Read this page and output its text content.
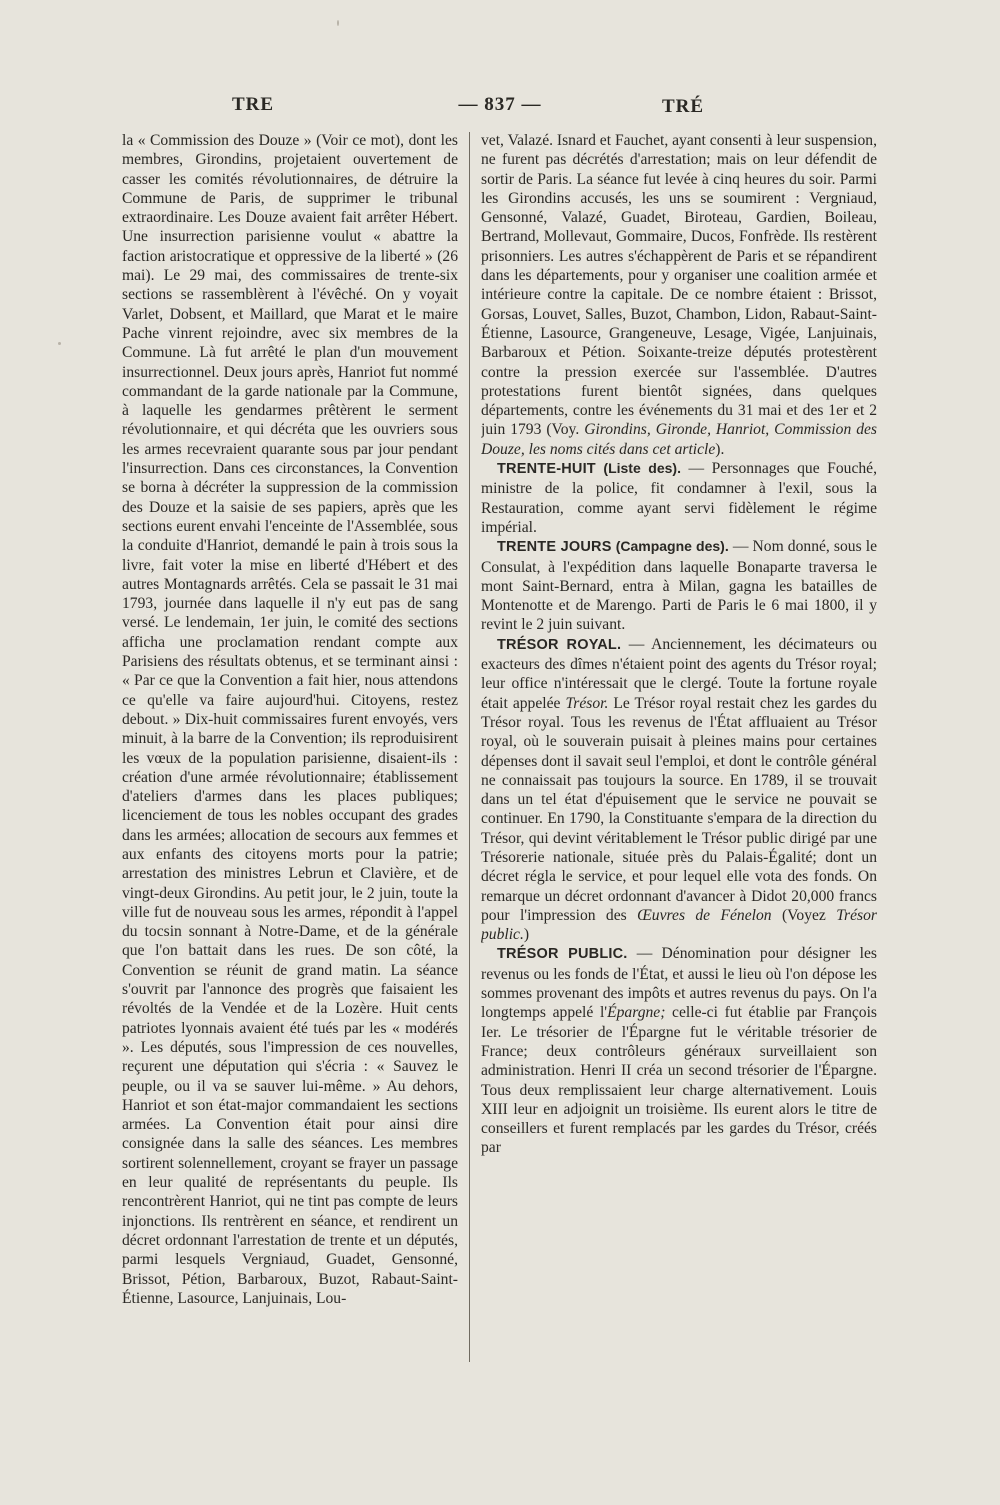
TRE	— 837 —	TRÉ

la « Commission des Douze » (Voir ce mot), dont les membres, Girondins, projetaient ouvertement de casser les comités révolutionnaires, de détruire la Commune de Paris, de supprimer le tribunal extraordinaire. Les Douze avaient fait arrêter Hébert. Une insurrection parisienne voulut « abattre la faction aristocratique et oppressive de la liberté » (26 mai). Le 29 mai, des commissaires de trente-six sections se rassemblèrent à l'évêché. On y voyait Varlet, Dobsent, et Maillard, que Marat et le maire Pache vinrent rejoindre, avec six membres de la Commune. Là fut arrêté le plan d'un mouvement insurrectionnel. Deux jours après, Hanriot fut nommé commandant de la garde nationale par la Commune, à laquelle les gendarmes prêtèrent le serment révolutionnaire, et qui décréta que les ouvriers sous les armes recevraient quarante sous par jour pendant l'insurrection. Dans ces circonstances, la Convention se borna à décréter la suppression de la commission des Douze et la saisie de ses papiers, après que les sections eurent envahi l'enceinte de l'Assemblée, sous la conduite d'Hanriot, demandé le pain à trois sous la livre, fait voter la mise en liberté d'Hébert et des autres Montagnards arrêtés. Cela se passait le 31 mai 1793, journée dans laquelle il n'y eut pas de sang versé. Le lendemain, 1er juin, le comité des sections afficha une proclamation rendant compte aux Parisiens des résultats obtenus, et se terminant ainsi : « Par ce que la Convention a fait hier, nous attendons ce qu'elle va faire aujourd'hui. Citoyens, restez debout. » Dix-huit commissaires furent envoyés, vers minuit, à la barre de la Convention; ils reproduisirent les vœux de la population parisienne, disaient-ils : création d'une armée révolutionnaire; établissement d'ateliers d'armes dans les places publiques; licenciement de tous les nobles occupant des grades dans les armées; allocation de secours aux femmes et aux enfants des citoyens morts pour la patrie; arrestation des ministres Lebrun et Clavière, et de vingt-deux Girondins. Au petit jour, le 2 juin, toute la ville fut de nouveau sous les armes, répondit à l'appel du tocsin sonnant à Notre-Dame, et de la générale que l'on battait dans les rues. De son côté, la Convention se réunit de grand matin. La séance s'ouvrit par l'annonce des progrès que faisaient les révoltés de la Vendée et de la Lozère. Huit cents patriotes lyonnais avaient été tués par les « modérés ». Les députés, sous l'impression de ces nouvelles, reçurent une députation qui s'écria : « Sauvez le peuple, ou il va se sauver lui-même. » Au dehors, Hanriot et son état-major commandaient les sections armées. La Convention était pour ainsi dire consignée dans la salle des séances. Les membres sortirent solennellement, croyant se frayer un passage en leur qualité de représentants du peuple. Ils rencontrèrent Hanriot, qui ne tint pas compte de leurs injonctions. Ils rentrèrent en séance, et rendirent un décret ordonnant l'arrestation de trente et un députés, parmi lesquels Vergniaud, Guadet, Gensonné, Brissot, Pétion, Barbaroux, Buzot, Rabaut-Saint-Étienne, Lasource, Lanjuinais, Lou-

vet, Valazé. Isnard et Fauchet, ayant consenti à leur suspension, ne furent pas décrétés d'arrestation; mais on leur défendit de sortir de Paris. La séance fut levée à cinq heures du soir. Parmi les Girondins accusés, les uns se soumirent : Vergniaud, Gensonné, Valazé, Guadet, Biroteau, Gardien, Boileau, Bertrand, Mollevaut, Gommaire, Ducos, Fonfrède. Ils restèrent prisonniers. Les autres s'échappèrent de Paris et se répandirent dans les départements, pour y organiser une coalition armée et intérieure contre la capitale. De ce nombre étaient : Brissot, Gorsas, Louvet, Salles, Buzot, Chambon, Lidon, Rabaut-Saint-Étienne, Lasource, Grangeneuve, Lesage, Vigée, Lanjuinais, Barbaroux et Pétion. Soixante-treize députés protestèrent contre la pression exercée sur l'assemblée. D'autres protestations furent bientôt signées, dans quelques départements, contre les événements du 31 mai et des 1er et 2 juin 1793 (Voy. Girondins, Gironde, Hanriot, Commission des Douze, les noms cités dans cet article).

TRENTE-HUIT (Liste des). — Personnages que Fouché, ministre de la police, fit condamner à l'exil, sous la Restauration, comme ayant servi fidèlement le régime impérial.

TRENTE JOURS (Campagne des). — Nom donné, sous le Consulat, à l'expédition dans laquelle Bonaparte traversa le mont Saint-Bernard, entra à Milan, gagna les batailles de Montenotte et de Marengo. Parti de Paris le 6 mai 1800, il y revint le 2 juin suivant.

TRÉSOR ROYAL. — Anciennement, les décimateurs ou exacteurs des dîmes n'étaient point des agents du Trésor royal; leur office n'intéressait que le clergé. Toute la fortune royale était appelée Trésor. Le Trésor royal restait chez les gardes du Trésor royal. Tous les revenus de l'État affluaient au Trésor royal, où le souverain puisait à pleines mains pour certaines dépenses dont il savait seul l'emploi, et dont le contrôle général ne connaissait pas toujours la source. En 1789, il se trouvait dans un tel état d'épuisement que le service ne pouvait se continuer. En 1790, la Constituante s'empara de la direction du Trésor, qui devint véritablement le Trésor public dirigé par une Trésorerie nationale, située près du Palais-Égalité; dont un décret régla le service, et pour lequel elle vota des fonds. On remarque un décret ordonnant d'avancer à Didot 20,000 francs pour l'impression des Œuvres de Fénelon (Voyez Trésor public.)

TRÉSOR PUBLIC. — Dénomination pour désigner les revenus ou les fonds de l'État, et aussi le lieu où l'on dépose les sommes provenant des impôts et autres revenus du pays. On l'a longtemps appelé l'Épargne; celle-ci fut établie par François Ier. Le trésorier de l'Épargne fut le véritable trésorier de France; deux contrôleurs généraux surveillaient son administration. Henri II créa un second trésorier de l'Épargne. Tous deux remplissaient leur charge alternativement. Louis XIII leur en adjoignit un troisième. Ils eurent alors le titre de conseillers et furent remplacés par les gardes du Trésor, créés par
